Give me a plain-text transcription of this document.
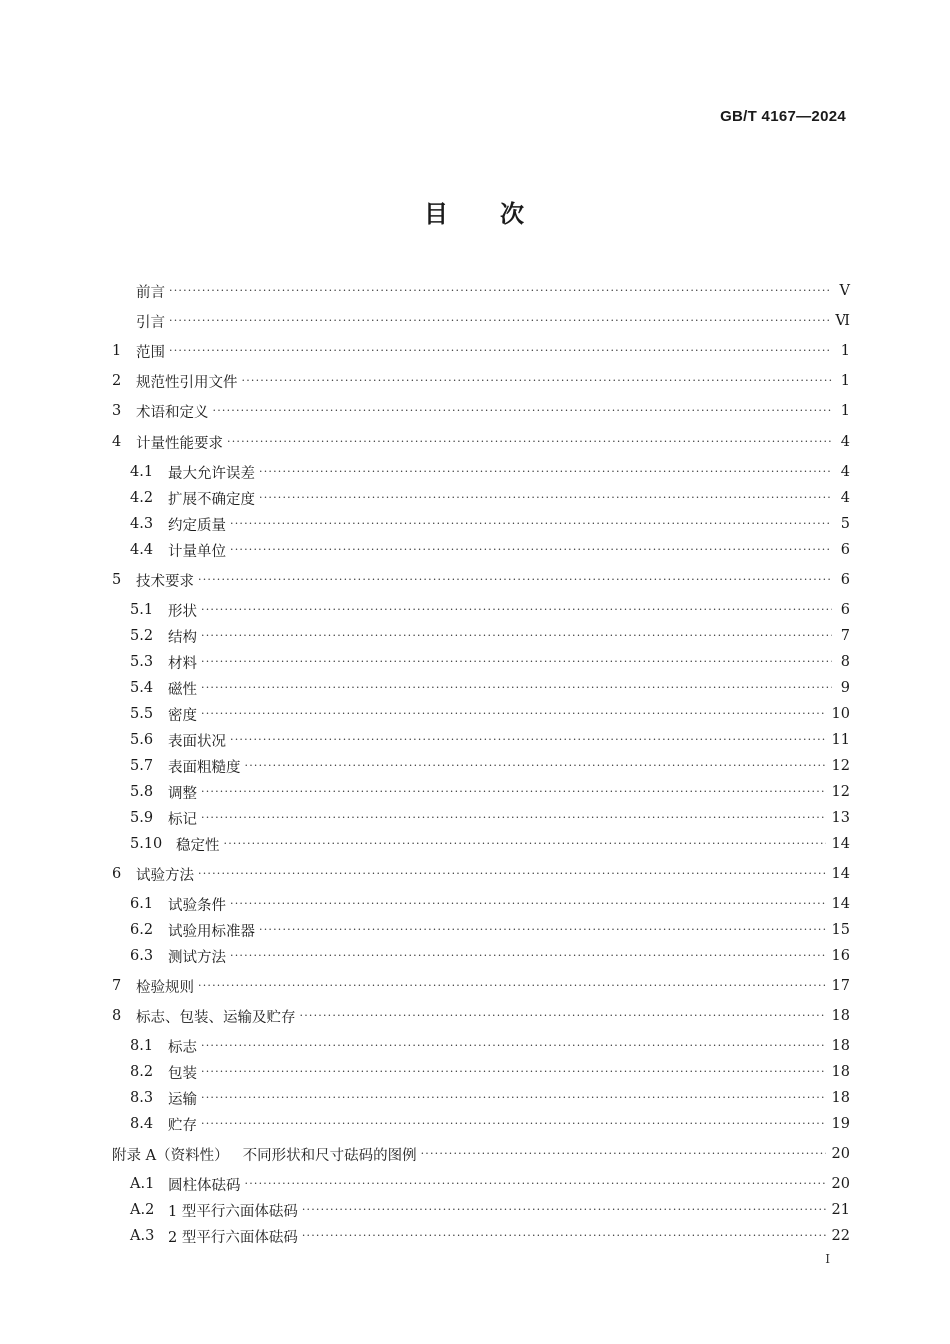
GB/T 4167—2024
目 次
前言 ·····	V
引言 ·····	Ⅵ
1	范围 ·····	1
2	规范性引用文件 ·····	1
3	术语和定义 ·····	1
4	计量性能要求 ·····	4
4.1	最大允许误差 ·····	4
4.2	扩展不确定度 ·····	4
4.3	约定质量 ·····	5
4.4	计量单位 ·····	6
5	技术要求 ·····	6
5.1	形状 ·····	6
5.2	结构 ·····	7
5.3	材料 ·····	8
5.4	磁性 ·····	9
5.5	密度 ·····	10
5.6	表面状况 ·····	11
5.7	表面粗糙度 ·····	12
5.8	调整 ·····	12
5.9	标记 ·····	13
5.10 稳定性 ·····	14
6	试验方法 ·····	14
6.1	试验条件 ·····	14
6.2	试验用标准器 ·····	15
6.3	测试方法 ·····	16
7	检验规则 ·····	17
8	标志、包装、运输及贮存 ·····	18
8.1	标志 ·····	18
8.2	包装 ·····	18
8.3	运输 ·····	18
8.4	贮存 ·····	19
附录 A（资料性） 不同形状和尺寸砝码的图例 ·····	20
A.1 圆柱体砝码 ·····	20
A.2 1 型平行六面体砝码 ·····	21
A.3 2 型平行六面体砝码 ·····	22
I
